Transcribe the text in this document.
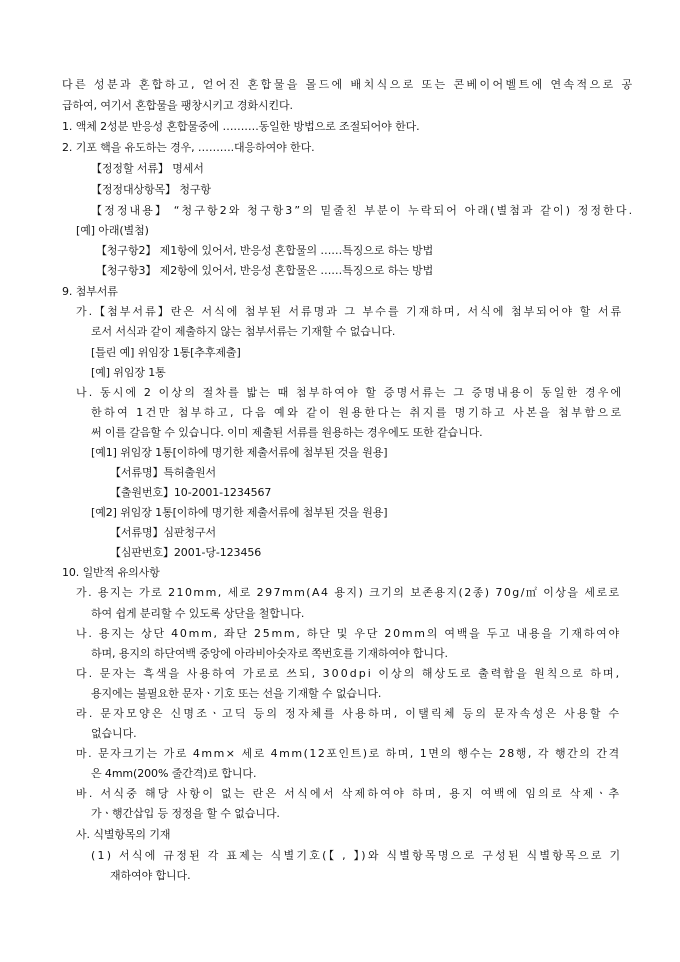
다른 성분과 혼합하고, 얻어진 혼합물을 몰드에 배치식으로 또는 콘베이어벨트에 연속적으로 공
급하여, 여기서 혼합물을 팽창시키고 경화시킨다.
1. 액체 2성분 반응성 혼합물중에 ……….동일한 방법으로 조절되어야 한다.
2. 기포 핵을 유도하는 경우, ……….대응하여야 한다.
【정정할 서류】 명세서
【정정대상항목】 청구항
【정정내용】 “청구항2와 청구항3”의 밑줄친 부분이 누락되어 아래(별첨과 같이) 정정한다.
[예] 아래(별첨)
【청구항2】 제1항에 있어서, 반응성 혼합물의 ……특징으로 하는 방법
【청구항3】 제2항에 있어서, 반응성 혼합물은 ……특징으로 하는 방법
9. 첨부서류
가.【첨부서류】란은 서식에 첨부된 서류명과 그 부수를 기재하며, 서식에 첨부되어야 할 서류
로서 서식과 같이 제출하지 않는 첨부서류는 기재할 수 없습니다.
[틀린 예] 위임장 1통[추후제출]
[예] 위임장 1통
나. 동시에 2 이상의 절차를 밟는 때 첨부하여야 할 증명서류는 그 증명내용이 동일한 경우에
한하여 1건만 첨부하고, 다음 예와 같이 원용한다는 취지를 명기하고 사본을 첨부함으로
써 이를 갈음할 수 있습니다. 이미 제출된 서류를 원용하는 경우에도 또한 같습니다.
[예1] 위임장 1통[이하에 명기한 제출서류에 첨부된 것을 원용]
【서류명】특허출원서
【출원번호】10-2001-1234567
[예2] 위임장 1통[이하에 명기한 제출서류에 첨부된 것을 원용]
【서류명】심판청구서
【심판번호】2001-당-123456
10. 일반적 유의사항
가. 용지는 가로 210mm, 세로 297mm(A4 용지) 크기의 보존용지(2종) 70g/㎡ 이상을 세로로
하여 쉽게 분리할 수 있도록 상단을 철합니다.
나. 용지는 상단 40mm, 좌단 25mm, 하단 및 우단 20mm의 여백을 두고 내용을 기재하여야
하며, 용지의 하단여백 중앙에 아라비아숫자로 쪽번호를 기재하여야 합니다.
다. 문자는 흑색을 사용하여 가로로 쓰되, 300dpi 이상의 해상도로 출력함을 원칙으로 하며,
용지에는 불필요한 문자ㆍ기호 또는 선을 기재할 수 없습니다.
라. 문자모양은 신명조ㆍ고딕 등의 정자체를 사용하며, 이탤릭체 등의 문자속성은 사용할 수
없습니다.
마. 문자크기는 가로 4mm× 세로 4mm(12포인트)로 하며, 1면의 행수는 28행, 각 행간의 간격
은 4mm(200% 줄간격)로 합니다.
바. 서식중 해당 사항이 없는 란은 서식에서 삭제하여야 하며, 용지 여백에 임의로 삭제ㆍ추
가ㆍ행간삽입 등 정정을 할 수 없습니다.
사. 식별항목의 기재
(1) 서식에 규정된 각 표제는 식별기호(【 , 】)와 식별항목명으로 구성된 식별항목으로 기
재하여야 합니다.
